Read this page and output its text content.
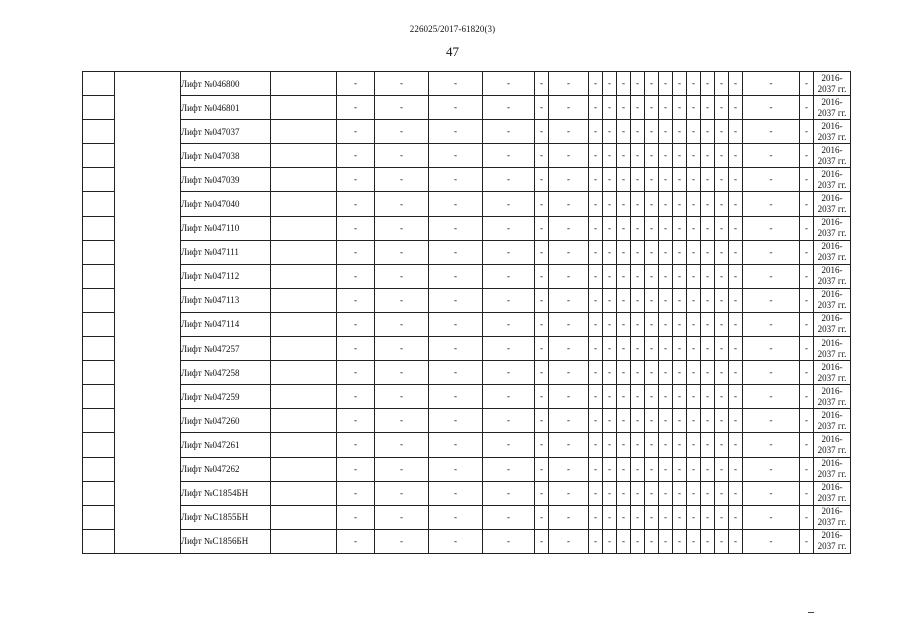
226025/2017-61820(3)
47
		Лифт №046800		-	-	-	-	-	-	-	-	-	-	-	-	-	-	-	-	-	-	-	2016-
2037 гг.

		Лифт №046801		-	-	-	-	-	-	-	-	-	-	-	-	-	-	-	-	-	-	-	2016-
2037 гг.

		Лифт №047037		-	-	-	-	-	-	-	-	-	-	-	-	-	-	-	-	-	-	-	2016-
2037 гг.

		Лифт №047038		-	-	-	-	-	-	-	-	-	-	-	-	-	-	-	-	-	-	-	2016-
2037 гг.

		Лифт №047039		-	-	-	-	-	-	-	-	-	-	-	-	-	-	-	-	-	-	-	2016-
2037 гг.

		Лифт №047040		-	-	-	-	-	-	-	-	-	-	-	-	-	-	-	-	-	-	-	2016-
2037 гг.

		Лифт №047110		-	-	-	-	-	-	-	-	-	-	-	-	-	-	-	-	-	-	-	2016-
2037 гг.

		Лифт №047111		-	-	-	-	-	-	-	-	-	-	-	-	-	-	-	-	-	-	-	2016-
2037 гг.

		Лифт №047112		-	-	-	-	-	-	-	-	-	-	-	-	-	-	-	-	-	-	-	2016-
2037 гг.

		Лифт №047113		-	-	-	-	-	-	-	-	-	-	-	-	-	-	-	-	-	-	-	2016-
2037 гг.

		Лифт №047114		-	-	-	-	-	-	-	-	-	-	-	-	-	-	-	-	-	-	-	2016-
2037 гг.

		Лифт №047257		-	-	-	-	-	-	-	-	-	-	-	-	-	-	-	-	-	-	-	2016-
2037 гг.

		Лифт №047258		-	-	-	-	-	-	-	-	-	-	-	-	-	-	-	-	-	-	-	2016-
2037 гг.

		Лифт №047259		-	-	-	-	-	-	-	-	-	-	-	-	-	-	-	-	-	-	-	2016-
2037 гг.

		Лифт №047260		-	-	-	-	-	-	-	-	-	-	-	-	-	-	-	-	-	-	-	2016-
2037 гг.

		Лифт №047261		-	-	-	-	-	-	-	-	-	-	-	-	-	-	-	-	-	-	-	2016-
2037 гг.

		Лифт №047262		-	-	-	-	-	-	-	-	-	-	-	-	-	-	-	-	-	-	-	2016-
2037 гг.

		Лифт №С1854БН		-	-	-	-	-	-	-	-	-	-	-	-	-	-	-	-	-	-	-	2016-
2037 гг.

		Лифт №С1855БН		-	-	-	-	-	-	-	-	-	-	-	-	-	-	-	-	-	-	-	2016-
2037 гг.

		Лифт №С1856БН		-	-	-	-	-	-	-	-	-	-	-	-	-	-	-	-	-	-	-	2016-
2037 гг.
